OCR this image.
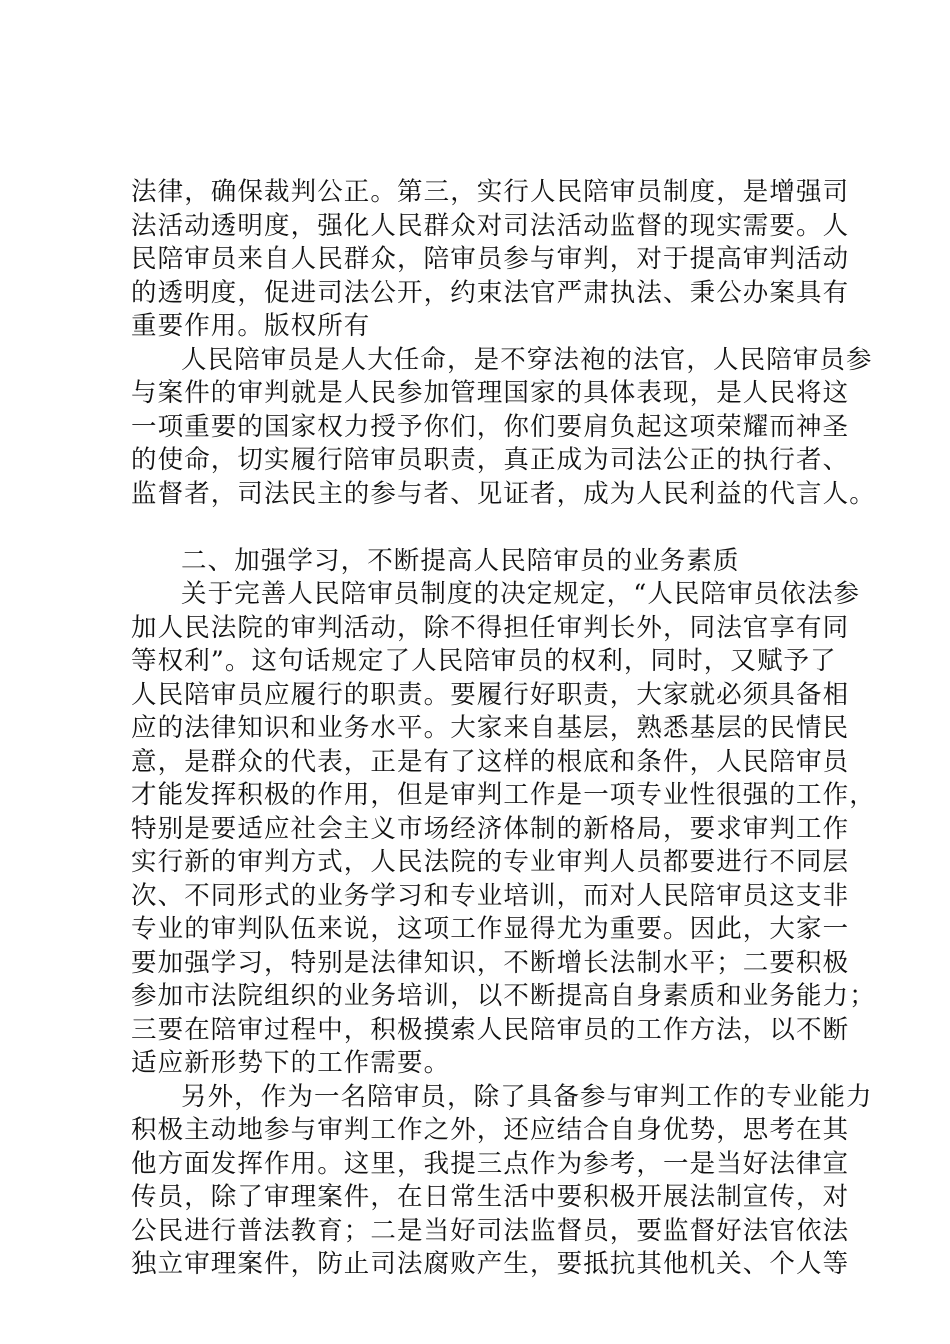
法律，确保裁判公正。第三，实行人民陪审员制度，是增强司
法活动透明度，强化人民群众对司法活动监督的现实需要。人
民陪审员来自人民群众，陪审员参与审判，对于提高审判活动
的透明度，促进司法公开，约束法官严肃执法、秉公办案具有
重要作用。版权所有
人民陪审员是人大任命，是不穿法袍的法官，人民陪审员参
与案件的审判就是人民参加管理国家的具体表现，是人民将这
一项重要的国家权力授予你们，你们要肩负起这项荣耀而神圣
的使命，切实履行陪审员职责，真正成为司法公正的执行者、
监督者，司法民主的参与者、见证者，成为人民利益的代言人。
二、加强学习，不断提高人民陪审员的业务素质
关于完善人民陪审员制度的决定规定，“人民陪审员依法参
加人民法院的审判活动，除不得担任审判长外，同法官享有同
等权利”。这句话规定了人民陪审员的权利，同时，又赋予了
人民陪审员应履行的职责。要履行好职责，大家就必须具备相
应的法律知识和业务水平。大家来自基层，熟悉基层的民情民
意，是群众的代表，正是有了这样的根底和条件，人民陪审员
才能发挥积极的作用，但是审判工作是一项专业性很强的工作，
特别是要适应社会主义市场经济体制的新格局，要求审判工作
实行新的审判方式，人民法院的专业审判人员都要进行不同层
次、不同形式的业务学习和专业培训，而对人民陪审员这支非
专业的审判队伍来说，这项工作显得尤为重要。因此，大家一
要加强学习，特别是法律知识，不断增长法制水平；二要积极
参加市法院组织的业务培训，以不断提高自身素质和业务能力；
三要在陪审过程中，积极摸索人民陪审员的工作方法，以不断
适应新形势下的工作需要。
另外，作为一名陪审员，除了具备参与审判工作的专业能力
积极主动地参与审判工作之外，还应结合自身优势，思考在其
他方面发挥作用。这里，我提三点作为参考，一是当好法律宣
传员，除了审理案件，在日常生活中要积极开展法制宣传，对
公民进行普法教育；二是当好司法监督员，要监督好法官依法
独立审理案件，防止司法腐败产生，要抵抗其他机关、个人等
